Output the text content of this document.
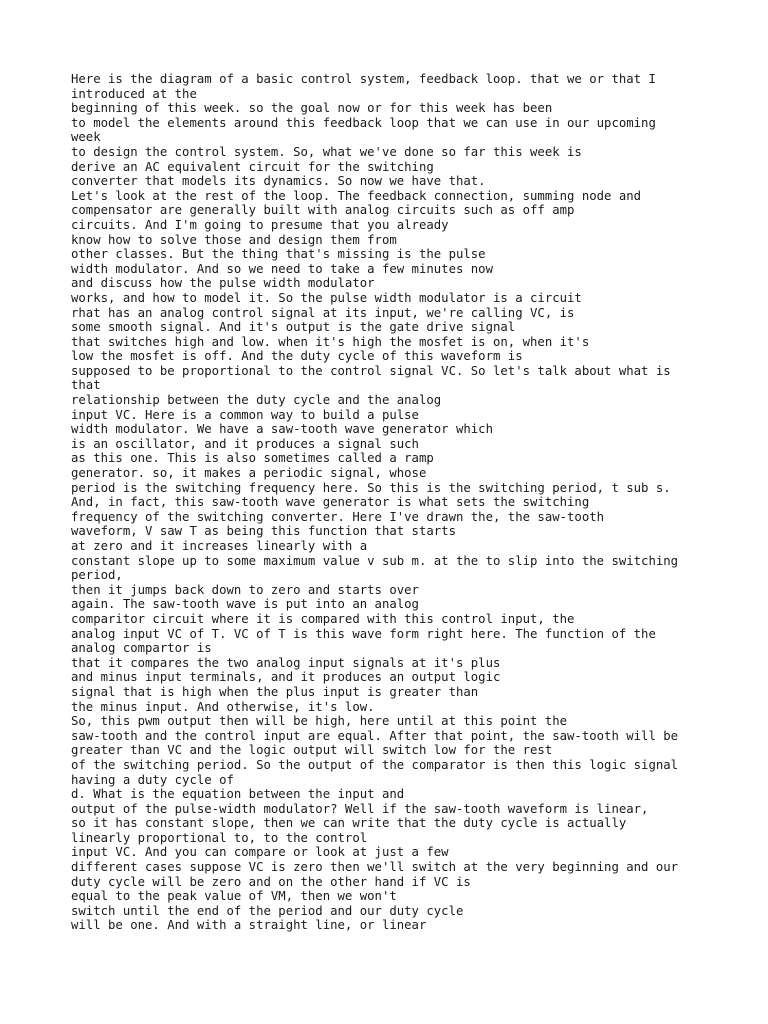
Here is the diagram of a basic control system, feedback loop. that we or that I
introduced at the
beginning of this week. so the goal now or for this week has been
to model the elements around this feedback loop that we can use in our upcoming
week
to design the control system. So, what we've done so far this week is
derive an AC equivalent circuit for the switching
converter that models its dynamics. So now we have that.
Let's look at the rest of the loop. The feedback connection, summing node and
compensator are generally built with analog circuits such as off amp
circuits. And I'm going to presume that you already
know how to solve those and design them from
other classes. But the thing that's missing is the pulse
width modulator. And so we need to take a few minutes now
and discuss how the pulse width modulator
works, and how to model it. So the pulse width modulator is a circuit
rhat has an analog control signal at its input, we're calling VC, is
some smooth signal. And it's output is the gate drive signal
that switches high and low. when it's high the mosfet is on, when it's
low the mosfet is off. And the duty cycle of this waveform is
supposed to be proportional to the control signal VC. So let's talk about what is
that
relationship between the duty cycle and the analog
input VC. Here is a common way to build a pulse
width modulator. We have a saw-tooth wave generator which
is an oscillator, and it produces a signal such
as this one. This is also sometimes called a ramp
generator. so, it makes a periodic signal, whose
period is the switching frequency here. So this is the switching period, t sub s.
And, in fact, this saw-tooth wave generator is what sets the switching
frequency of the switching converter. Here I've drawn the, the saw-tooth
waveform, V saw T as being this function that starts
at zero and it increases linearly with a
constant slope up to some maximum value v sub m. at the to slip into the switching
period,
then it jumps back down to zero and starts over
again. The saw-tooth wave is put into an analog
comparitor circuit where it is compared with this control input, the
analog input VC of T. VC of T is this wave form right here. The function of the
analog compartor is
that it compares the two analog input signals at it's plus
and minus input terminals, and it produces an output logic
signal that is high when the plus input is greater than
the minus input. And otherwise, it's low.
So, this pwm output then will be high, here until at this point the
saw-tooth and the control input are equal. After that point, the saw-tooth will be
greater than VC and the logic output will switch low for the rest
of the switching period. So the output of the comparator is then this logic signal
having a duty cycle of
d. What is the equation between the input and
output of the pulse-width modulator? Well if the saw-tooth waveform is linear,
so it has constant slope, then we can write that the duty cycle is actually
linearly proportional to, to the control
input VC. And you can compare or look at just a few
different cases suppose VC is zero then we'll switch at the very beginning and our
duty cycle will be zero and on the other hand if VC is
equal to the peak value of VM, then we won't
switch until the end of the period and our duty cycle
will be one. And with a straight line, or linear
